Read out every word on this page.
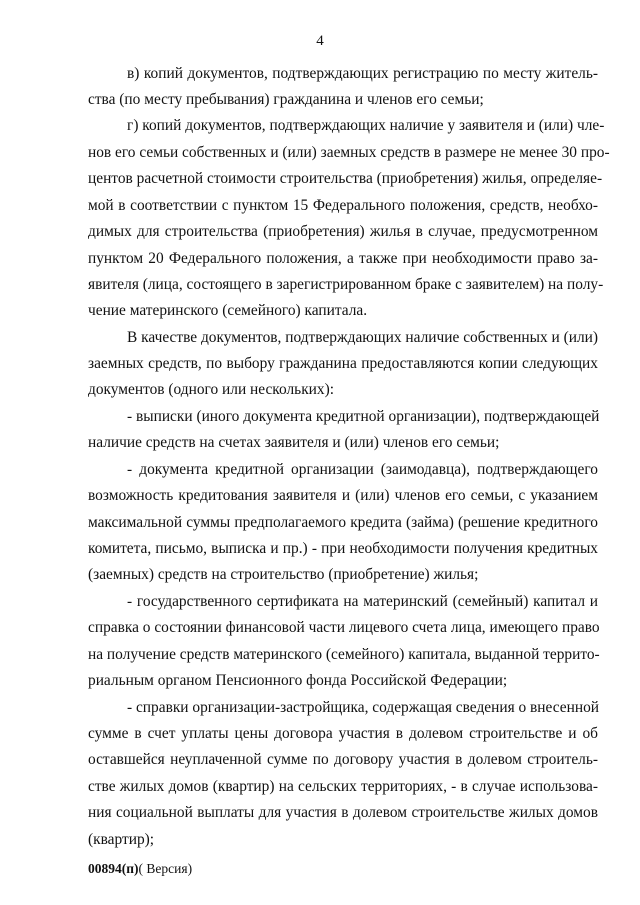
4
в) копий документов, подтверждающих регистрацию по месту житель-
ства (по месту пребывания) гражданина и членов его семьи;
г) копий документов, подтверждающих наличие у заявителя и (или) чле-
нов его семьи собственных и (или) заемных средств в размере не менее 30 про-
центов расчетной стоимости строительства (приобретения) жилья, определяе-
мой в соответствии с пунктом 15 Федерального положения, средств, необхо-
димых для строительства (приобретения) жилья в случае, предусмотренном
пунктом 20 Федерального положения, а также при необходимости право за-
явителя (лица, состоящего в зарегистрированном браке с заявителем) на полу-
чение материнского (семейного) капитала.
В качестве документов, подтверждающих наличие собственных и (или)
заемных средств, по выбору гражданина предоставляются копии следующих
документов (одного или нескольких):
- выписки (иного документа кредитной организации), подтверждающей
наличие средств на счетах заявителя и (или) членов его семьи;
- документа кредитной организации (заимодавца), подтверждающего
возможность кредитования заявителя и (или) членов его семьи, с указанием
максимальной суммы предполагаемого кредита (займа) (решение кредитного
комитета, письмо, выписка и пр.) - при необходимости получения кредитных
(заемных) средств на строительство (приобретение) жилья;
- государственного сертификата на материнский (семейный) капитал и
справка о состоянии финансовой части лицевого счета лица, имеющего право
на получение средств материнского (семейного) капитала, выданной террито-
риальным органом Пенсионного фонда Российской Федерации;
- справки организации-застройщика, содержащая сведения о внесенной
сумме в счет уплаты цены договора участия в долевом строительстве и об
оставшейся неуплаченной сумме по договору участия в долевом строитель-
стве жилых домов (квартир) на сельских территориях, - в случае использова-
ния социальной выплаты для участия в долевом строительстве жилых домов
(квартир);
00894(п)( Версия)
